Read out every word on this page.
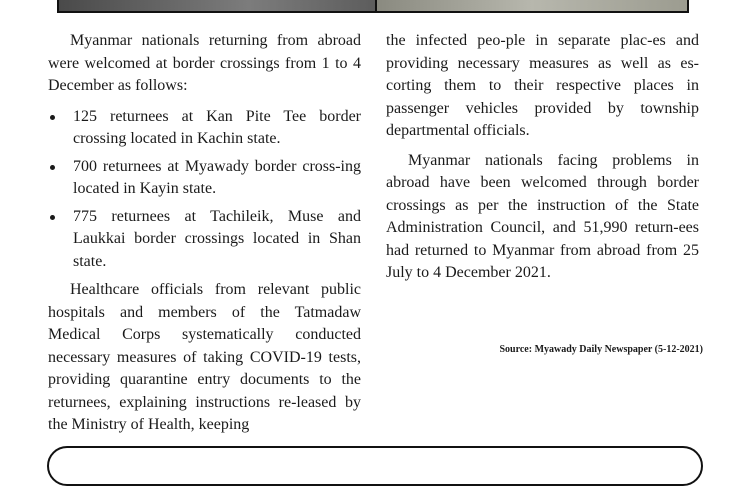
Myanmar nationals returning from abroad were welcomed at border crossings from 1 to 4 December as follows:

125 returnees at Kan Pite Tee border crossing located in Kachin state.
700 returnees at Myawady border cross-ing located in Kayin state.
775 returnees at Tachileik, Muse and Laukkai border crossings located in Shan state.

Healthcare officials from relevant public hospitals and members of the Tatmadaw Medical Corps systematically conducted necessary measures of taking COVID-19 tests, providing quarantine entry documents to the returnees, explaining instructions re-leased by the Ministry of Health, keeping

the infected peo-ple in separate plac-es and providing necessary measures as well as es-corting them to their respective places in passenger vehicles provided by township departmental officials.

Myanmar nationals facing problems in abroad have been welcomed through border crossings as per the instruction of the State Administration Council, and 51,990 return-ees had returned to Myanmar from abroad from 25 July to 4 December 2021.

Source: Myawady Daily Newspaper (5-12-2021)
